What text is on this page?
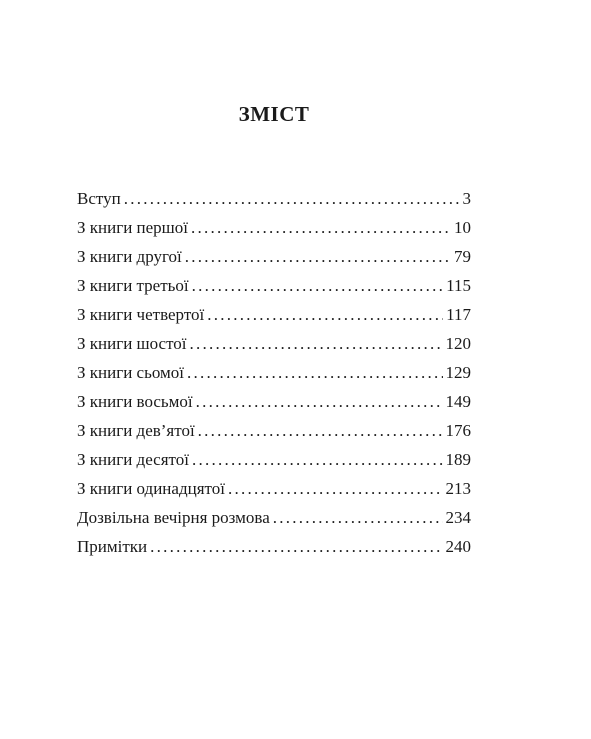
ЗМІСТ
Вступ . . .	3
З книги першої . . .	10
З книги другої . . .	79
З книги третьої . . .	115
З книги четвертої . . .	117
З книги шостої . . .	120
З книги сьомої . . .	129
З книги восьмої . . .	149
З книги дев’ятої . . .	176
З книги десятої . . .	189
З книги одинадцятої . . .	213
Дозвільна вечірня розмова . . .	234
Примітки . . .	240
